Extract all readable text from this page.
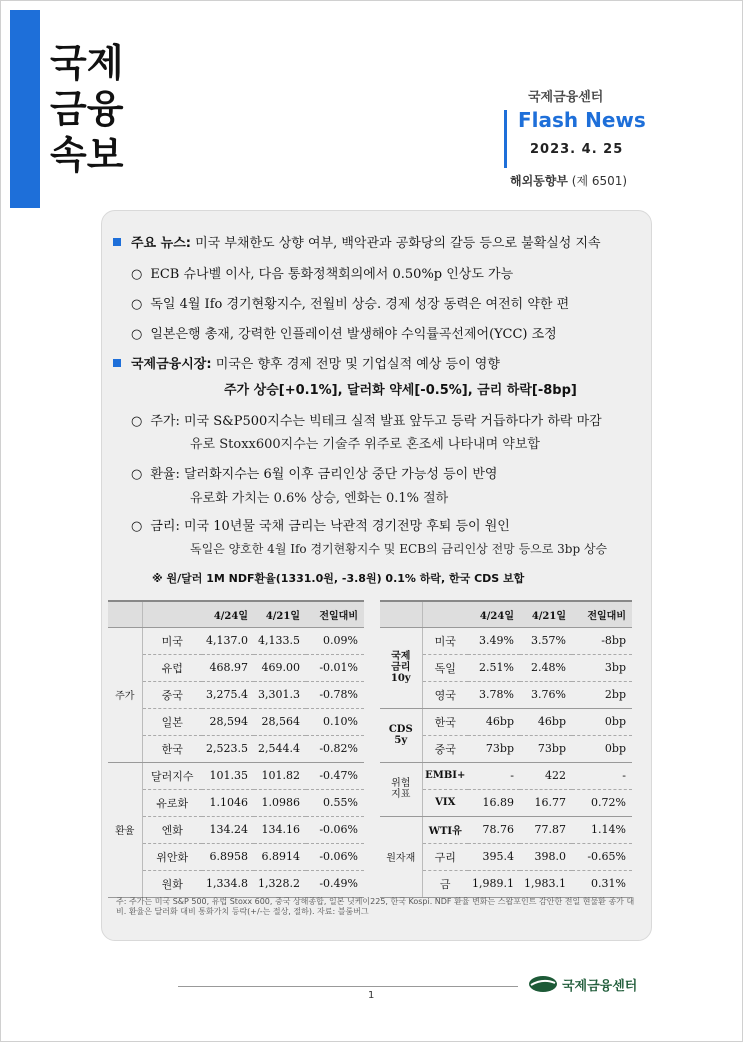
국제
금융
속보
국제금융센터
Flash News
2023. 4. 25
해외동향부 (제 6501)
주요 뉴스: 미국 부채한도 상향 여부, 백악관과 공화당의 갈등 등으로 불확실성 지속
○ ECB 슈나벨 이사, 다음 통화정책회의에서 0.50%p 인상도 가능
○ 독일 4월 Ifo 경기현황지수, 전월비 상승. 경제 성장 동력은 여전히 약한 편
○ 일본은행 총재, 강력한 인플레이션 발생해야 수익률곡선제어(YCC) 조정
국제금융시장: 미국은 향후 경제 전망 및 기업실적 예상 등이 영향
주가 상승[+0.1%], 달러화 약세[-0.5%], 금리 하락[-8bp]
○ 주가: 미국 S&P500지수는 빅테크 실적 발표 앞두고 등락 거듭하다가 하락 마감
유로 Stoxx600지수는 기술주 위주로 혼조세 나타내며 약보합
○ 환율: 달러화지수는 6월 이후 금리인상 중단 가능성 등이 반영
유로화 가치는 0.6% 상승, 엔화는 0.1% 절하
○ 금리: 미국 10년물 국채 금리는 낙관적 경기전망 후퇴 등이 원인
독일은 양호한 4월 Ifo 경기현황지수 및 ECB의 금리인상 전망 등으로 3bp 상승
※ 원/달러 1M NDF환율(1331.0원, -3.8원) 0.1% 하락, 한국 CDS 보합
		4/24일	4/21일	전일대비
주가	미국	4,137.0	4,133.5	0.09%
	유럽	468.97	469.00	-0.01%
	중국	3,275.4	3,301.3	-0.78%
	일본	28,594	28,564	0.10%
	한국	2,523.5	2,544.4	-0.82%
환율	달러지수	101.35	101.82	-0.47%
	유로화	1.1046	1.0986	0.55%
	엔화	134.24	134.16	-0.06%
	위안화	6.8958	6.8914	-0.06%
	원화	1,334.8	1,328.2	-0.49%
		4/24일	4/21일	전일대비
국제
금리
10y	미국	3.49%	3.57%	-8bp
	독일	2.51%	2.48%	3bp
	영국	3.78%	3.76%	2bp
CDS
5y	한국	46bp	46bp	0bp
	중국	73bp	73bp	0bp
위험
지표	EMBI+	-	422	-
	VIX	16.89	16.77	0.72%
원자재	WTI유	78.76	77.87	1.14%
	구리	395.4	398.0	-0.65%
	금	1,989.1	1,983.1	0.31%
주: 주가는 미국 S&P 500, 유럽 Stoxx 600, 중국 상해종합, 일본 닛케이225, 한국 Kospi. NDF 환율 변화는 스왑포인트 감안한 전일 현물환 종가 대비. 환율은 달러화 대비 통화가치 등락(+/-는 절상, 절하). 자료: 블룸버그
1
국제금융센터
